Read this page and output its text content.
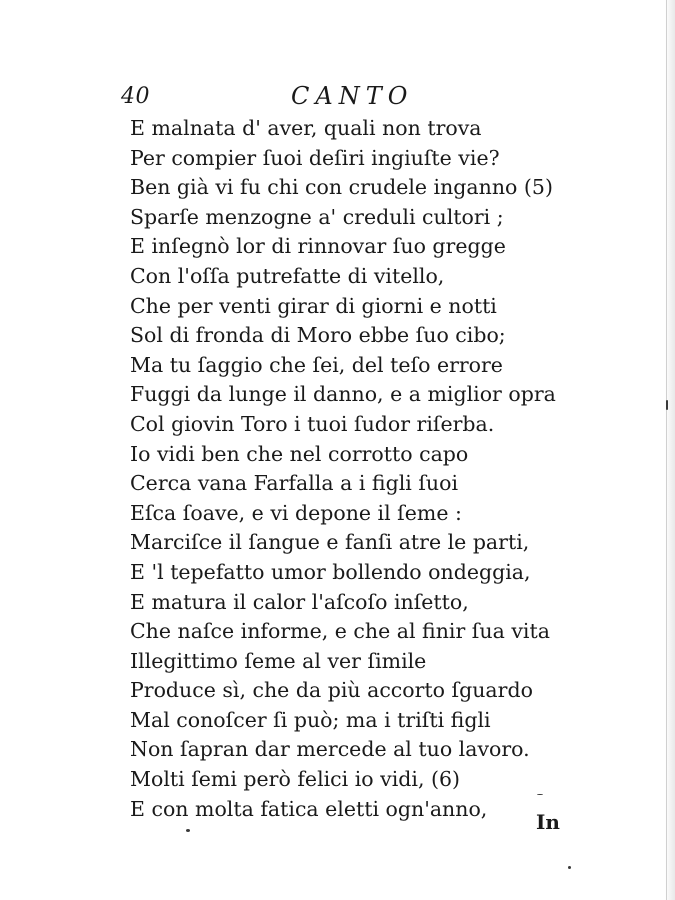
40	CANTO
E malnata d' aver, quali non trova
Per compier ſuoi deſiri ingiuſte vie?
Ben già vi fu chi con crudele inganno (5)
Sparſe menzogne a' creduli cultori ;
E inſegnò lor di rinnovar ſuo gregge
Con l'oſſa putrefatte di vitello,
Che per venti girar di giorni e notti
Sol di fronda di Moro ebbe ſuo cibo;
Ma tu ſaggio che ſei, del teſo errore
Fuggi da lunge il danno, e a miglior opra
Col giovin Toro i tuoi ſudor riſerba.
Io vidi ben che nel corrotto capo
Cerca vana Farfalla a i figli ſuoi
Eſca ſoave, e vi depone il ſeme :
Marciſce il ſangue e fanſi atre le parti,
E 'l tepefatto umor bollendo ondeggia,
E matura il calor l'aſcoſo inſetto,
Che naſce informe, e che al finir ſua vita
Illegittimo ſeme al ver ſimile
Produce sì, che da più accorto ſguardo
Mal conoſcer ſi può; ma i triſti figli
Non ſapran dar mercede al tuo lavoro.
Molti ſemi però felici io vidi, (6)
E con molta fatica eletti ogn'anno,
In
